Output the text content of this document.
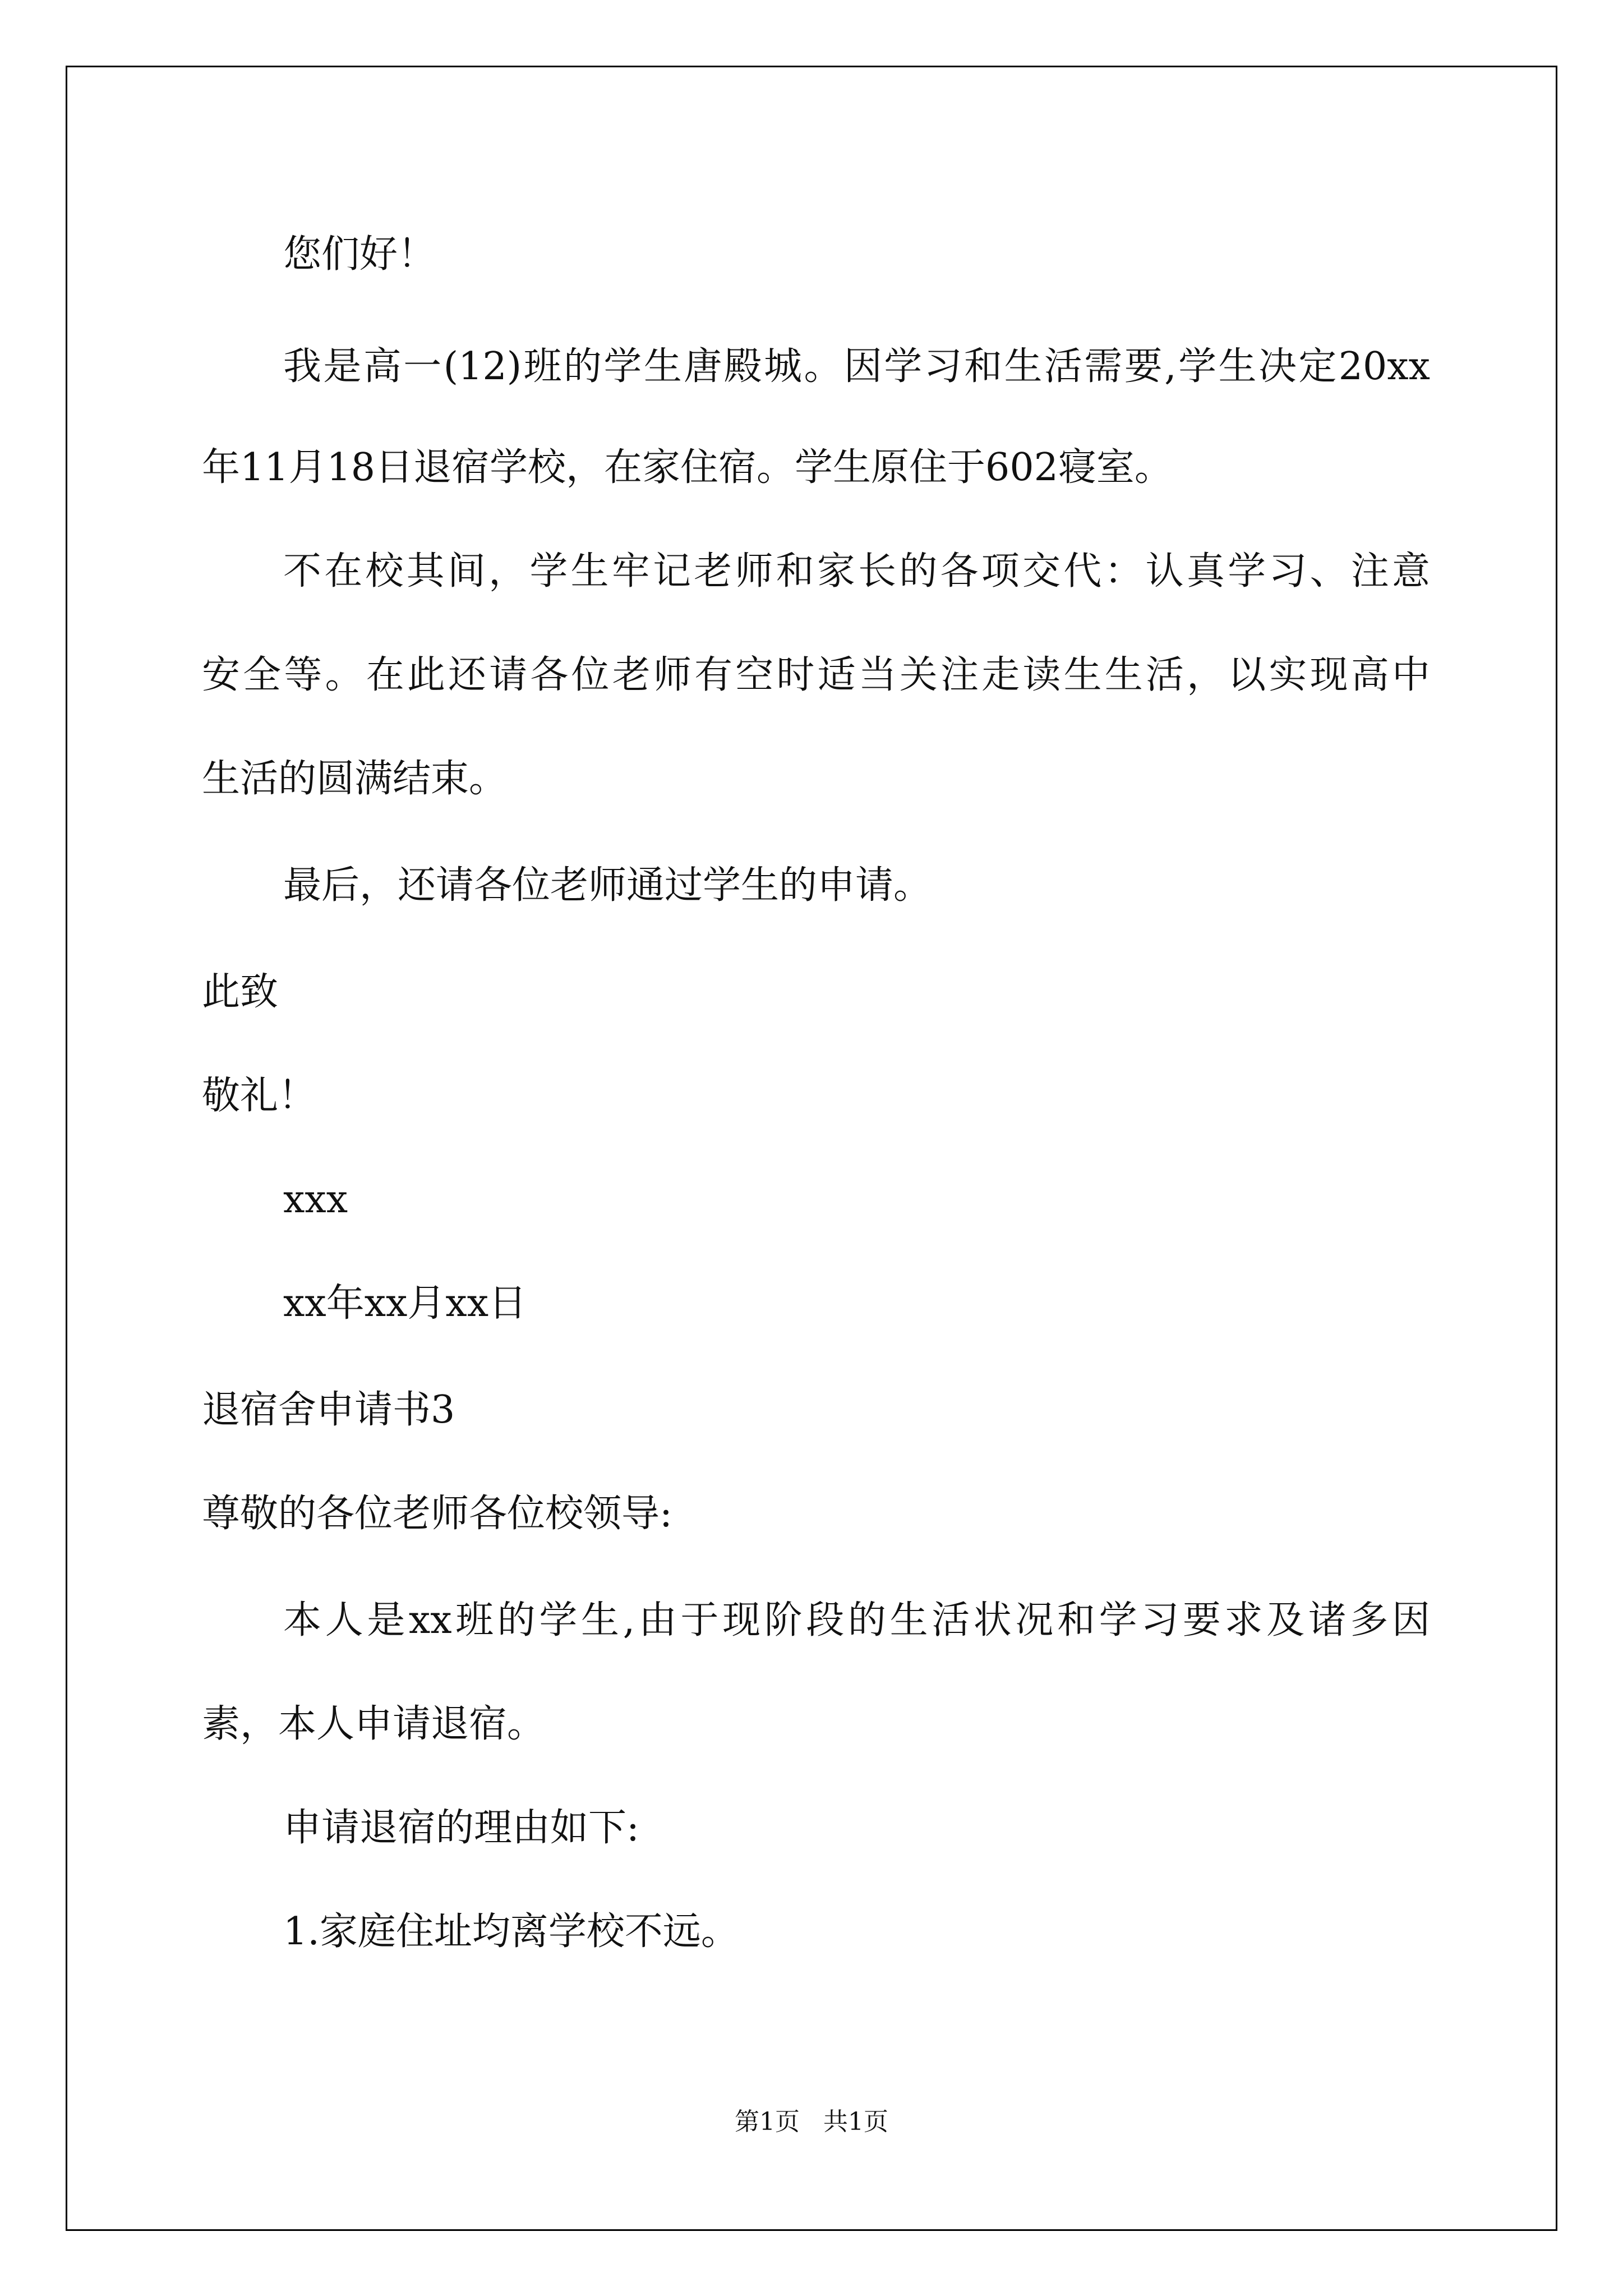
您们好！

我是高一(12)班的学生唐殿城。因学习和生活需要,学生决定20xx

年11月18日退宿学校，在家住宿。学生原住于602寝室。

不在校其间，学生牢记老师和家长的各项交代：认真学习、注意

安全等。在此还请各位老师有空时适当关注走读生生活，以实现高中

生活的圆满结束。

最后，还请各位老师通过学生的申请。

此致

敬礼！

xxx

xx年xx月xx日

退宿舍申请书3

尊敬的各位老师各位校领导:

本人是xx班的学生,由于现阶段的生活状况和学习要求及诸多因

素，本人申请退宿。

申请退宿的理由如下:

1.家庭住址均离学校不远。

第1页   共1页
